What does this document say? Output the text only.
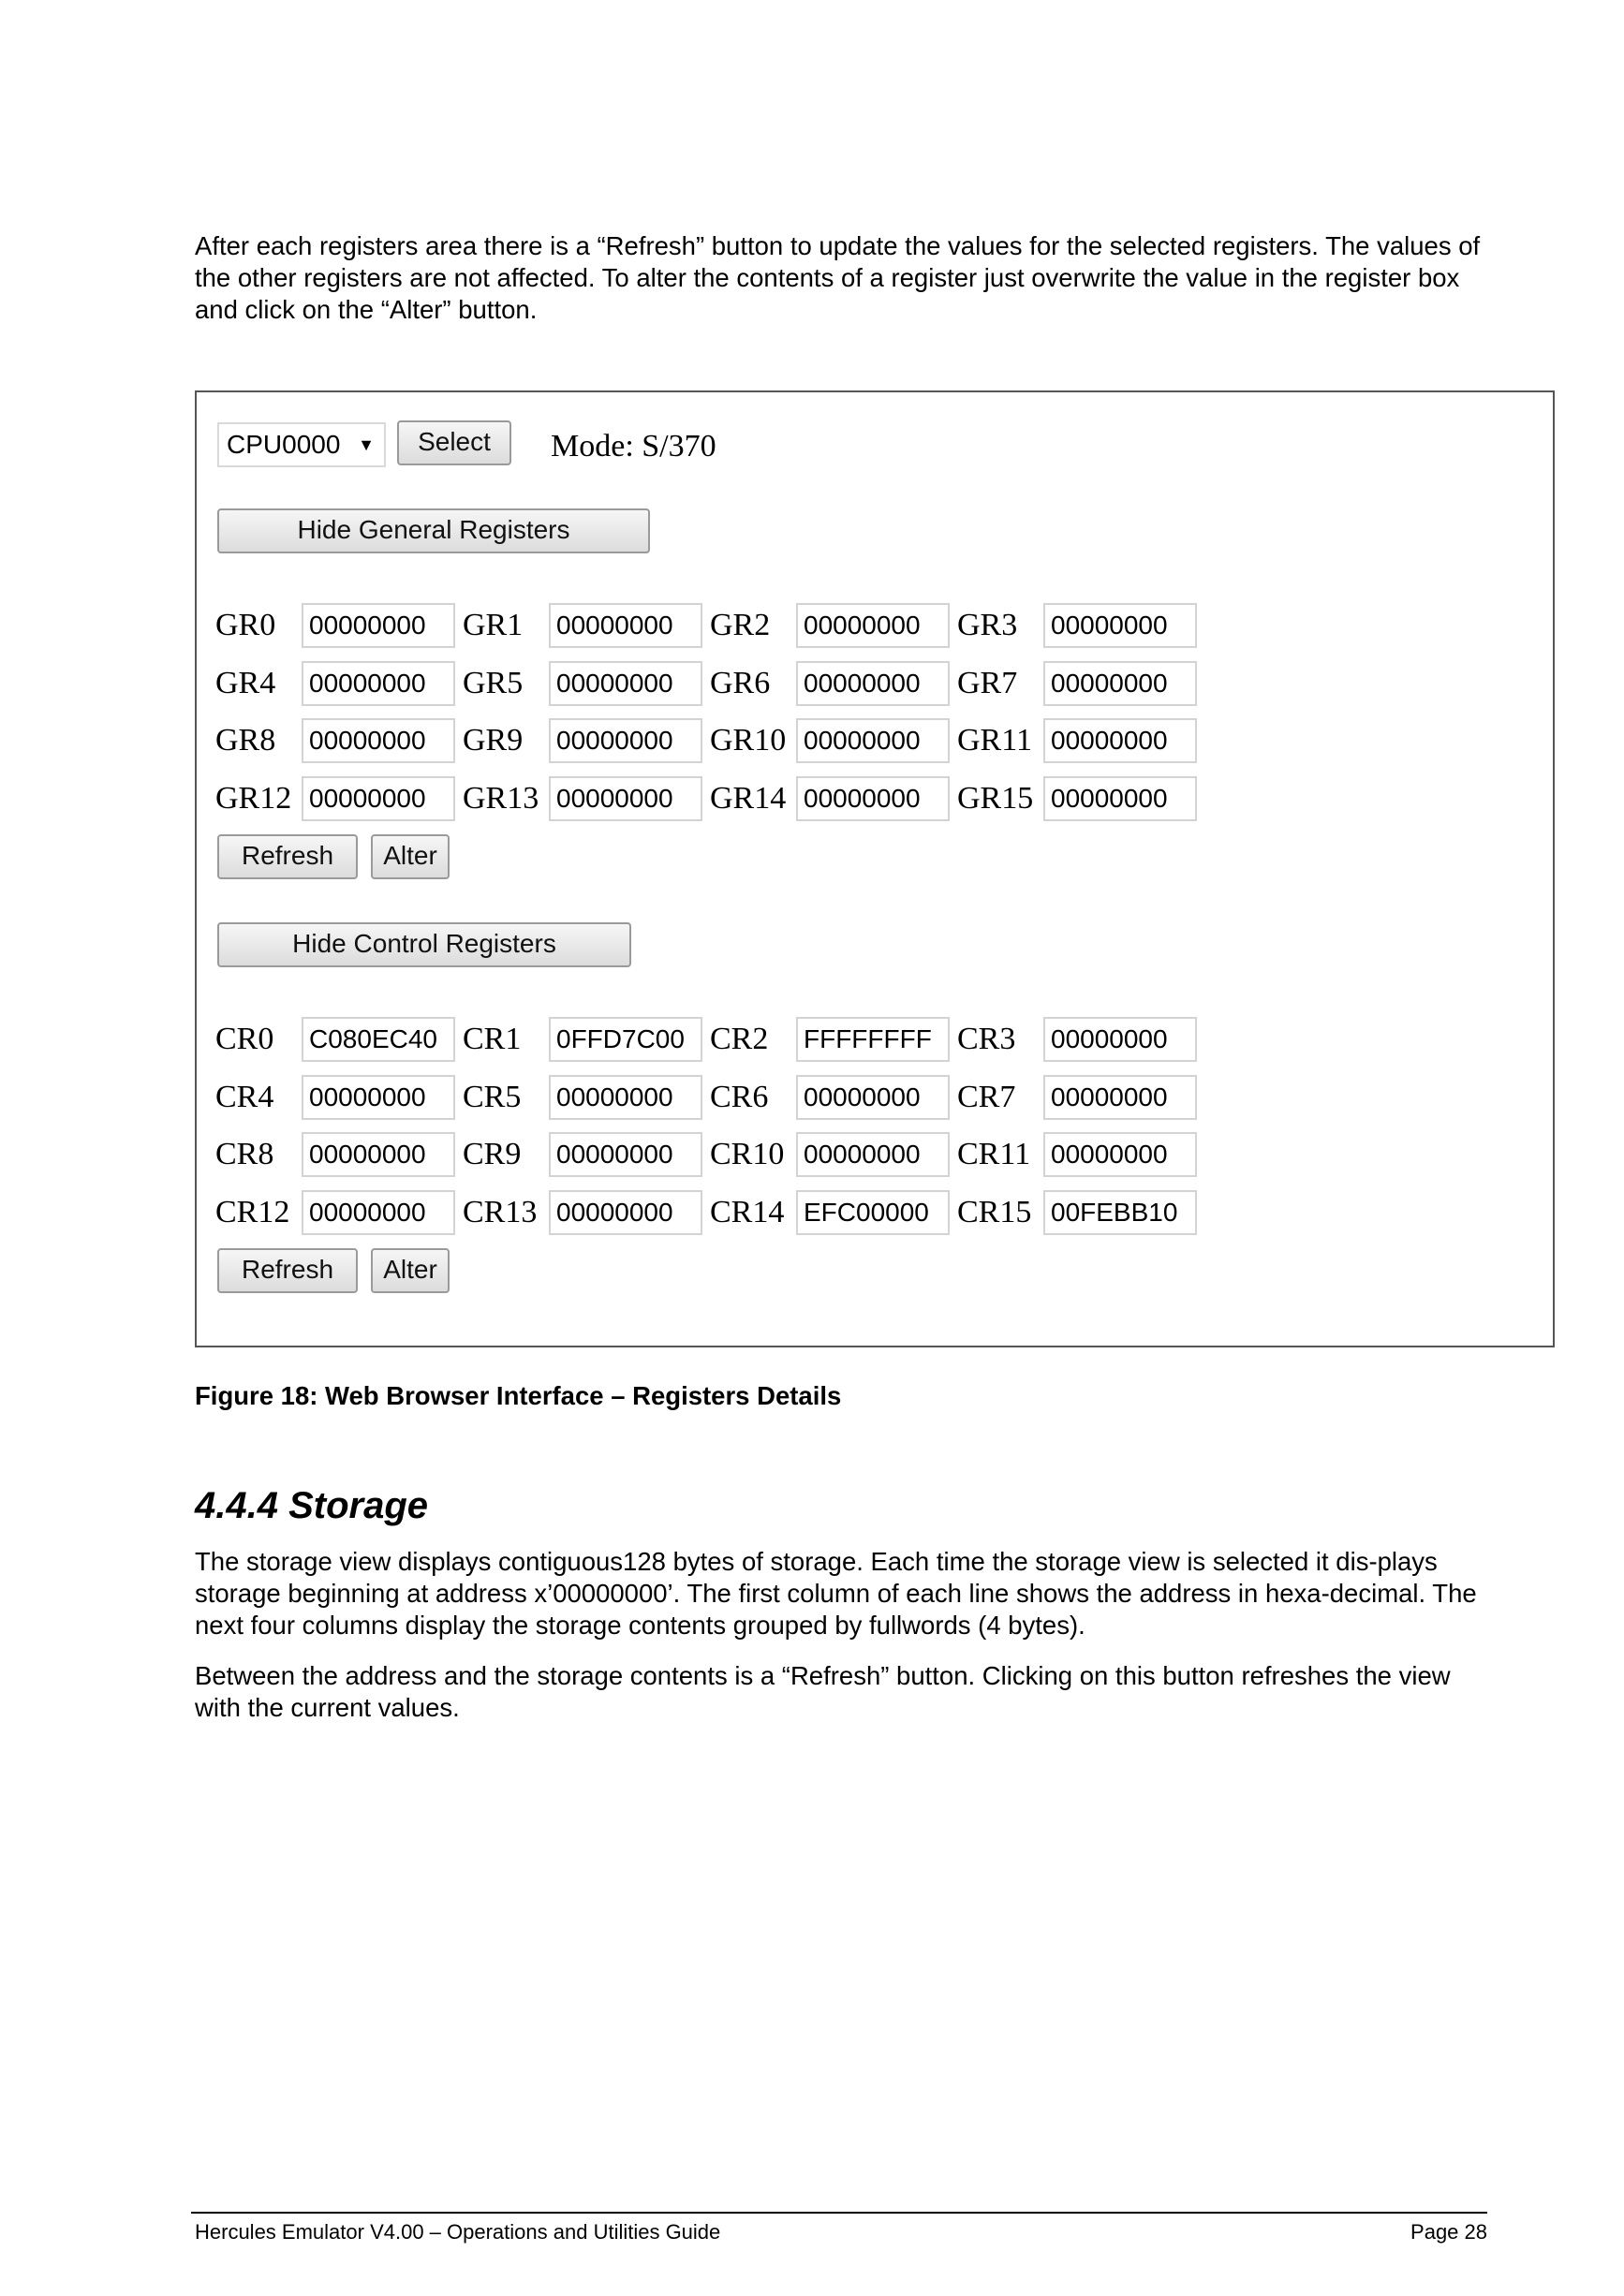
After each registers area there is a “Refresh” button to update the values for the selected registers. The values of the other registers are not affected. To alter the contents of a register just overwrite the value in the register box and click on the “Alter” button.

CPU0000 ▼	Select	Mode: S/370
Hide General Registers
Refresh	Alter
Hide Control Registers
Refresh	Alter
GR0 00000000	GR1 00000000	GR2 00000000	GR3 00000000
GR4 00000000	GR5 00000000	GR6 00000000	GR7 00000000
GR8 00000000	GR9 00000000	GR10 00000000	GR11 00000000
GR12 00000000	GR13 00000000	GR14 00000000	GR15 00000000
CR0 C080EC40 CR1 0FFD7C00 CR2 FFFFFFFF CR3 00000000
CR4 00000000	CR5 00000000	CR6 00000000	CR7 00000000
CR8 00000000	CR9 00000000	CR10 00000000	CR11 00000000
CR12 00000000	CR13 00000000	CR14 EFC00000 CR15 00FEBB10
Figure 18: Web Browser Interface – Registers Details
4.4.4 Storage

The storage view displays contiguous128 bytes of storage. Each time the storage view is selected it dis-plays storage beginning at address x’00000000’. The first column of each line shows the address in hexa-decimal. The next four columns display the storage contents grouped by fullwords (4 bytes).

Between the address and the storage contents is a “Refresh” button. Clicking on this button refreshes the view with the current values.

Hercules Emulator V4.00 – Operations and Utilities Guide	Page 28
